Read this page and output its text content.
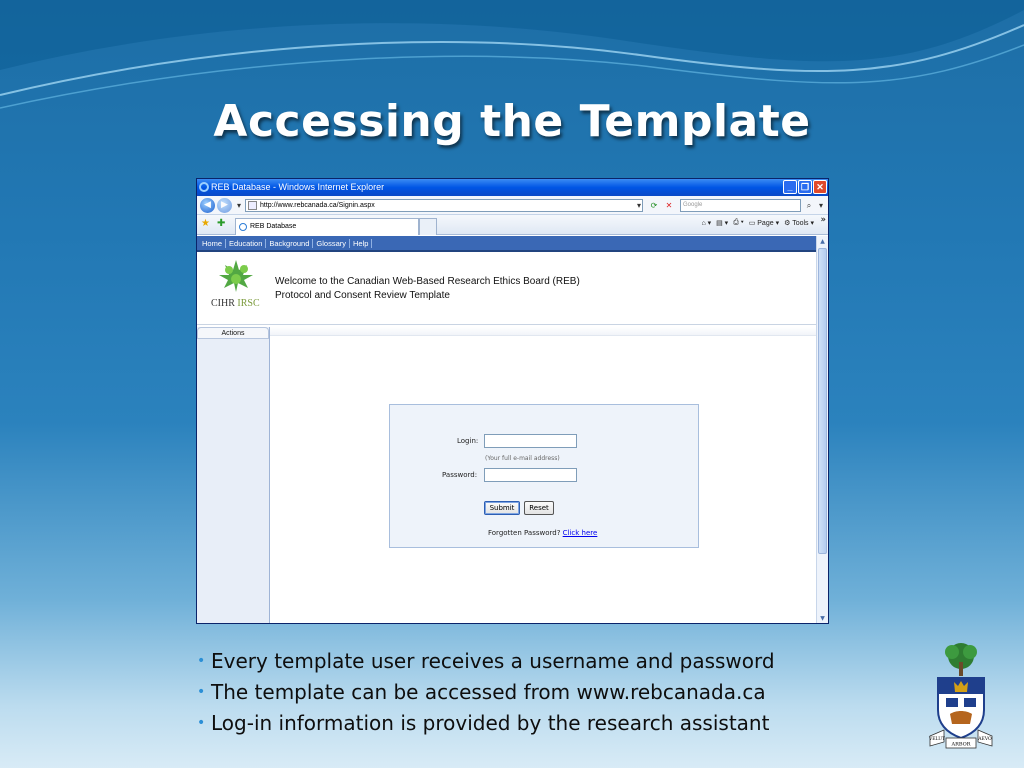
Accessing the Template
REB Database - Windows Internet Explorer	_ ❐ ✕
◀	▶	▾	http://www.rebcanada.ca/Signin.aspx	▾	⟳	✕	Google	⌕ ▾
★ ✚	REB Database	⌂ ▾ ▤ ▾ ⎙ ▾ ▭ Page ▾ ⚙ Tools ▾ »
Home Education Background Glossary Help
CIHR IRSC
Welcome to the Canadian Web-Based Research Ethics Board (REB)
Protocol and Consent Review Template
Actions
Login:
(Your full e-mail address)
Password:
Submit	Reset
Forgotten Password? Click here
▲
▼
• Every template user receives a username and password
• The template can be accessed from www.rebcanada.ca
• Log-in information is provided by the research assistant
VELUT	AEVO
ARBOR
